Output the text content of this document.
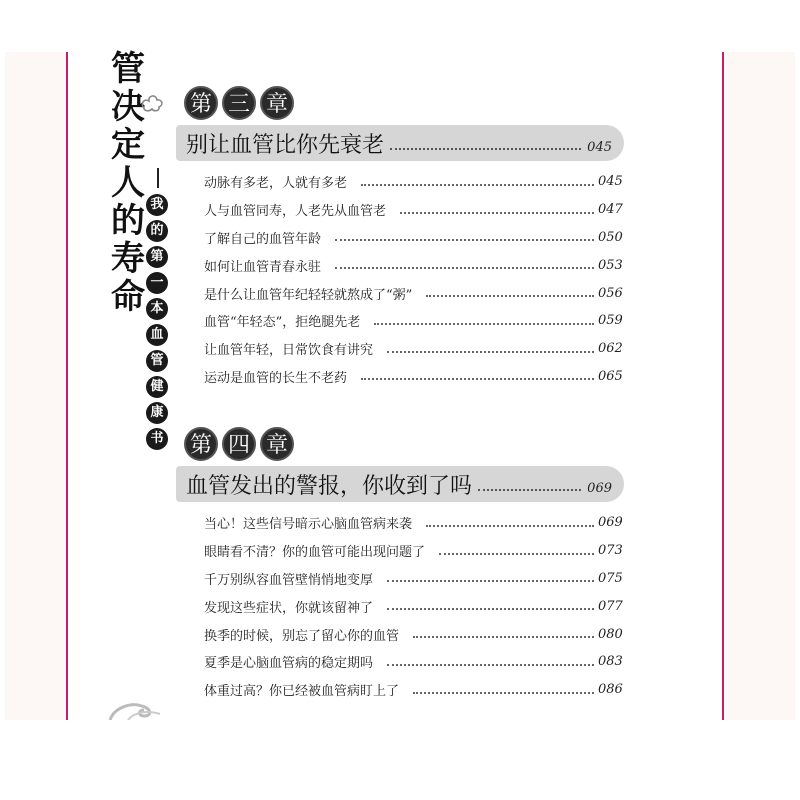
管
决
定
人
的
寿
命
我
的
第
一
本
血
管
健
康
书
第 三 章
别让血管比你先衰老	045
动脉有多老，人就有多老	045
人与血管同寿，人老先从血管老	047
了解自己的血管年龄	050
如何让血管青春永驻	053
是什么让血管年纪轻轻就熬成了“粥”	056
血管“年轻态”，拒绝腿先老	059
让血管年轻，日常饮食有讲究	062
运动是血管的长生不老药	065
第 四 章
血管发出的警报，你收到了吗	069
当心！这些信号暗示心脑血管病来袭	069
眼睛看不清？你的血管可能出现问题了	073
千万别纵容血管壁悄悄地变厚	075
发现这些症状，你就该留神了	077
换季的时候，别忘了留心你的血管	080
夏季是心脑血管病的稳定期吗	083
体重过高？你已经被血管病盯上了	086
